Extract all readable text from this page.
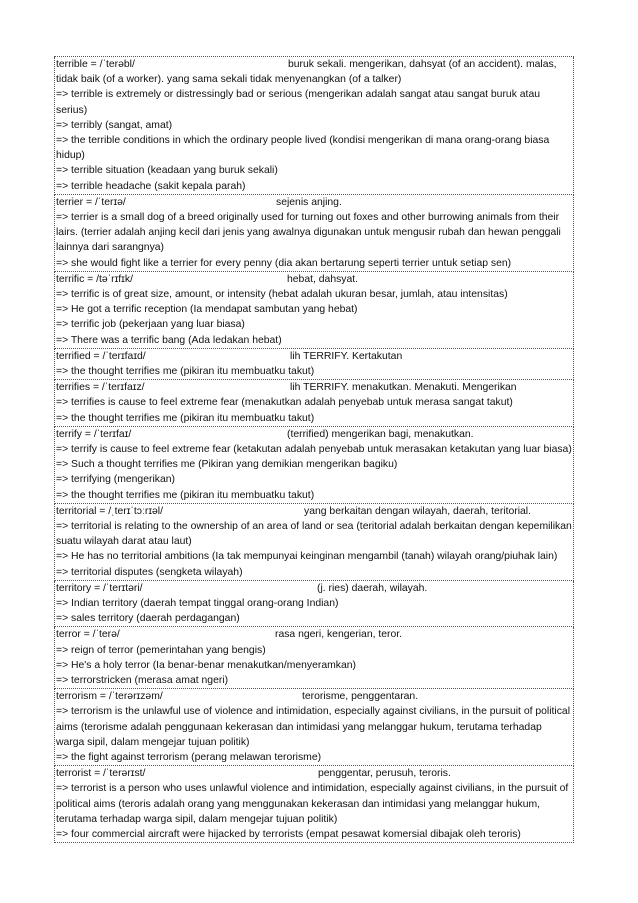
terrible = /ˈterəbl/	buruk sekali. mengerikan, dahsyat (of an accident). malas,
tidak baik (of a worker). yang sama sekali tidak menyenangkan (of a talker)
=> terrible is extremely or distressingly bad or serious (mengerikan adalah sangat atau sangat buruk atau serius)
=> terribly (sangat, amat)
=> the terrible conditions in which the ordinary people lived (kondisi mengerikan di mana orang-orang biasa hidup)
=> terrible situation (keadaan yang buruk sekali)
=> terrible headache (sakit kepala parah)
terrier = /ˈterɪə/	sejenis anjing.
=> terrier is a small dog of a breed originally used for turning out foxes and other burrowing animals from their lairs. (terrier adalah anjing kecil dari jenis yang awalnya digunakan untuk mengusir rubah dan hewan penggali lainnya dari sarangnya)
=> she would fight like a terrier for every penny (dia akan bertarung seperti terrier untuk setiap sen)
terrific = /təˈrɪfɪk/	hebat, dahsyat.
=> terrific is of great size, amount, or intensity (hebat adalah ukuran besar, jumlah, atau intensitas)
=> He got a terrific reception (Ia mendapat sambutan yang hebat)
=> terrific job (pekerjaan yang luar biasa)
=> There was a terrific bang (Ada ledakan hebat)
terrified = /ˈterɪfaɪd/	lih TERRIFY. Kertakutan
=> the thought terrifies me (pikiran itu membuatku takut)
terrifies = /ˈterɪfaɪz/	lih TERRIFY. menakutkan. Menakuti. Mengerikan
=> terrifies is cause to feel extreme fear (menakutkan adalah penyebab untuk merasa sangat takut)
=> the thought terrifies me (pikiran itu membuatku takut)
terrify = /ˈterɪfaɪ/	(terrified) mengerikan bagi, menakutkan.
=> terrify is cause to feel extreme fear (ketakutan adalah penyebab untuk merasakan ketakutan yang luar biasa)
=> Such a thought terrifies me (Pikiran yang demikian mengerikan bagiku)
=> terrifying (mengerikan)
=> the thought terrifies me (pikiran itu membuatku takut)
territorial = /ˌterɪˈtɔːrɪəl/	yang berkaitan dengan wilayah, daerah, teritorial.
=> territorial is relating to the ownership of an area of land or sea (teritorial adalah berkaitan dengan kepemilikan suatu wilayah darat atau laut)
=> He has no territorial ambitions (Ia tak mempunyai keinginan mengambil (tanah) wilayah orang/piuhak lain)
=> territorial disputes (sengketa wilayah)
territory = /ˈterɪtəri/	(j. ries) daerah, wilayah.
=> Indian territory (daerah tempat tinggal orang-orang Indian)
=> sales territory (daerah perdagangan)
terror = /ˈterə/	rasa ngeri, kengerian, teror.
=> reign of terror (pemerintahan yang bengis)
=> He's a holy terror (Ia benar-benar menakutkan/menyeramkan)
=> terrorstricken (merasa amat ngeri)
terrorism = /ˈterərɪzəm/	terorisme, penggentaran.
=> terrorism is the unlawful use of violence and intimidation, especially against civilians, in the pursuit of political aims (terorisme adalah penggunaan kekerasan dan intimidasi yang melanggar hukum, terutama terhadap warga sipil, dalam mengejar tujuan politik)
=> the fight against terrorism (perang melawan terorisme)
terrorist = /ˈterərɪst/	penggentar, perusuh, teroris.
=> terrorist is a person who uses unlawful violence and intimidation, especially against civilians, in the pursuit of political aims (teroris adalah orang yang menggunakan kekerasan dan intimidasi yang melanggar hukum, terutama terhadap warga sipil, dalam mengejar tujuan politik)
=> four commercial aircraft were hijacked by terrorists (empat pesawat komersial dibajak oleh teroris)
